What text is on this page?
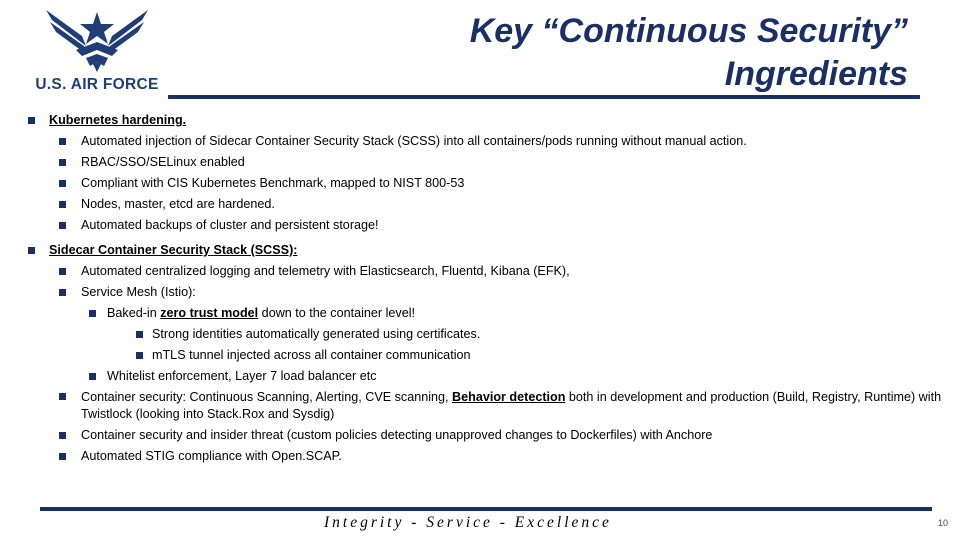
U.S. AIR FORCE
Key “Continuous Security”
Ingredients
Kubernetes hardening.
Automated injection of Sidecar Container Security Stack (SCSS) into all containers/pods running without manual action.
RBAC/SSO/SELinux enabled
Compliant with CIS Kubernetes Benchmark, mapped to NIST 800-53
Nodes, master, etcd are hardened.
Automated backups of cluster and persistent storage!
Sidecar Container Security Stack (SCSS):
Automated centralized logging and telemetry with Elasticsearch, Fluentd, Kibana (EFK),
Service Mesh (Istio):
Baked-in zero trust model down to the container level!
Strong identities automatically generated using certificates.
mTLS tunnel injected across all container communication
Whitelist enforcement, Layer 7 load balancer etc
Container security: Continuous Scanning, Alerting, CVE scanning, Behavior detection both in development and production (Build, Registry, Runtime) with Twistlock (looking into Stack.Rox and Sysdig)
Container security and insider threat (custom policies detecting unapproved changes to Dockerfiles) with Anchore
Automated STIG compliance with Open.SCAP.
Integrity - Service - Excellence	10
